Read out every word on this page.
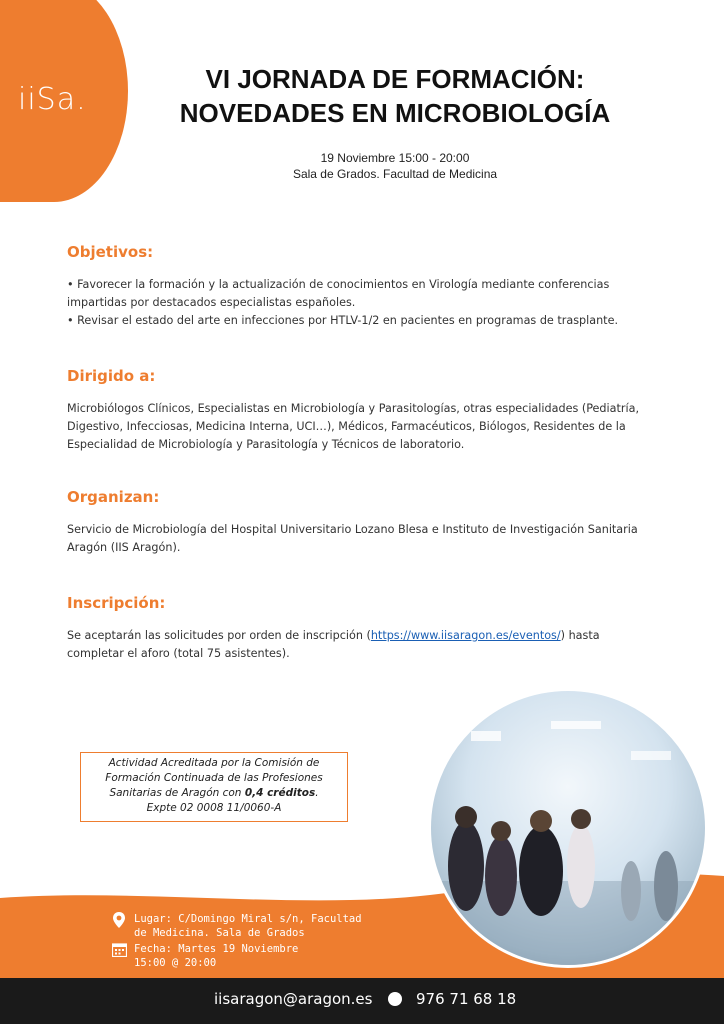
iiSa.
VI JORNADA DE FORMACIÓN:
NOVEDADES EN MICROBIOLOGÍA
19 Noviembre 15:00 - 20:00
Sala de Grados. Facultad de Medicina
Objetivos:
• Favorecer la formación y la actualización de conocimientos en Virología mediante conferencias impartidas por destacados especialistas españoles.
• Revisar el estado del arte en infecciones por HTLV-1/2 en pacientes en programas de trasplante.
Dirigido a:
Microbiólogos Clínicos, Especialistas en Microbiología y Parasitologías, otras especialidades (Pediatría, Digestivo, Infecciosas, Medicina Interna, UCI…), Médicos, Farmacéuticos, Biólogos, Residentes de la Especialidad de Microbiología y Parasitología y Técnicos de laboratorio.
Organizan:
Servicio de Microbiología del Hospital Universitario Lozano Blesa e Instituto de Investigación Sanitaria Aragón (IIS Aragón).
Inscripción:
Se aceptarán las solicitudes por orden de inscripción (https://www.iisaragon.es/eventos/) hasta completar el aforo (total 75 asistentes).
Actividad Acreditada por la Comisión de
Formación Continuada de las Profesiones
Sanitarias de Aragón con 0,4 créditos.
Expte 02 0008 11/0060-A
Lugar: C/Domingo Miral s/n, Facultad
de Medicina. Sala de Grados
Fecha: Martes 19 Noviembre
15:00 @ 20:00
iisaragon@aragon.es	976 71 68 18
